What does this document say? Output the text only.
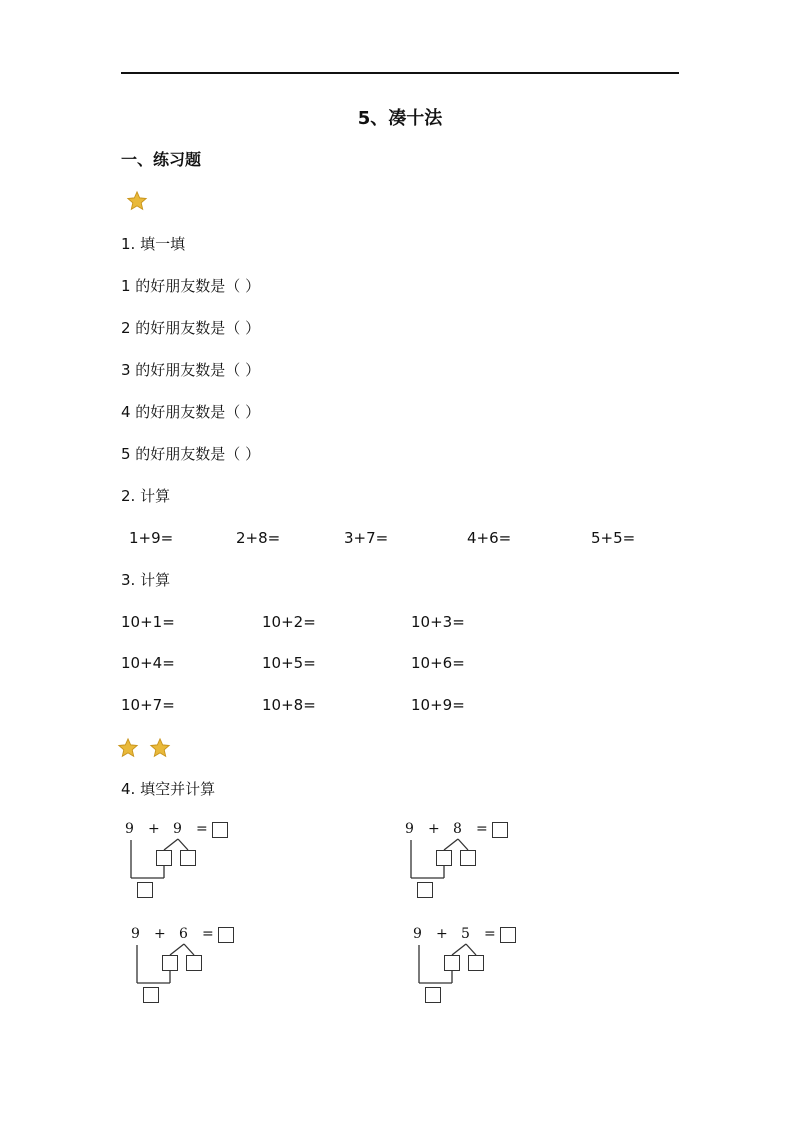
5、凑十法
一、练习题
1. 填一填
1 的好朋友数是（ ）
2 的好朋友数是（ ）
3 的好朋友数是（ ）
4 的好朋友数是（ ）
5 的好朋友数是（ ）
2. 计算
1+9=	2+8=	3+7=	4+6=	5+5=
3. 计算
10+1=	10+2=	10+3=
10+4=	10+5=	10+6=
10+7=	10+8=	10+9=
4. 填空并计算
9 + 9 =	9 + 8 =
9 + 6 =	9 + 5 =
